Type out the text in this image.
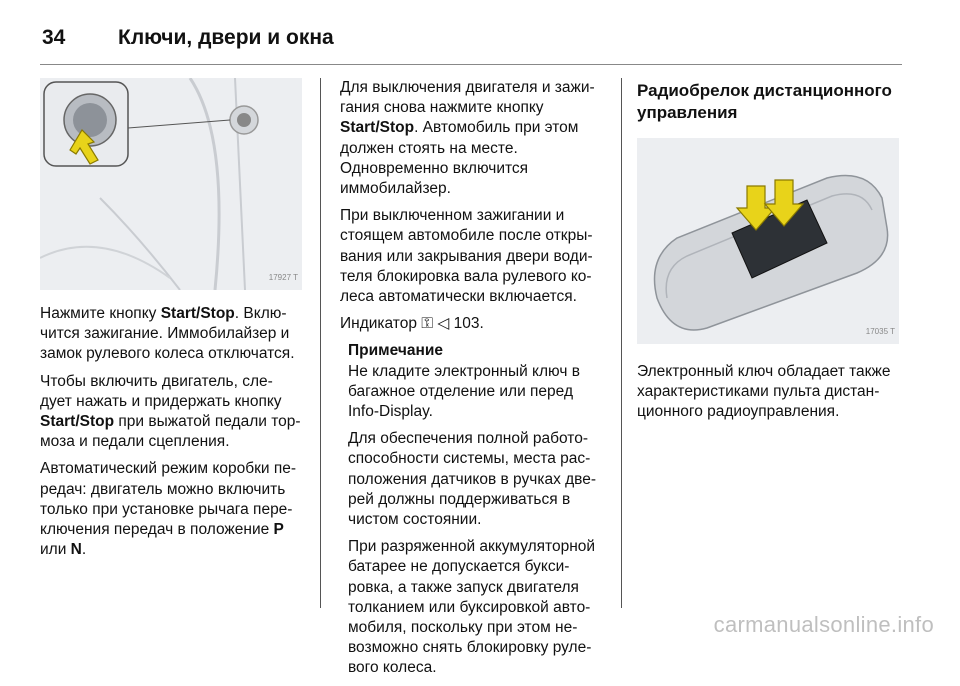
34	Ключи, двери и окна
17927 T

Нажмите кнопку Start/Stop. Вклю-чится зажигание. Иммобилайзер и замок рулевого колеса отключатся.

Чтобы включить двигатель, сле-дует нажать и придержать кнопку Start/Stop при выжатой педали тор-моза и педали сцепления.

Автоматический режим коробки пе-редач: двигатель можно включить только при установке рычага пере-ключения передач в положение P или N.

Для выключения двигателя и зажи-гания снова нажмите кнопку Start/Stop. Автомобиль при этом должен стоять на месте. Одновременно включится иммобилайзер.

При выключенном зажигании и стоящем автомобиле после откры-вания или закрывания двери води-теля блокировка вала рулевого ко-леса автоматически включается.

Индикатор ⚿ ◁ 103.

Примечание

Не кладите электронный ключ в багажное отделение или перед Info-Display.

Для обеспечения полной работо-способности системы, места рас-положения датчиков в ручках две-рей должны поддерживаться в чистом состоянии.

При разряженной аккумуляторной батарее не допускается букси-ровка, а также запуск двигателя толканием или буксировкой авто-мобиля, поскольку при этом не-возможно снять блокировку руле-вого колеса.

Радиобрелок дистанционного управления
17035 T

Электронный ключ обладает также характеристиками пульта дистан-ционного радиоуправления.

carmanualsonline.info
